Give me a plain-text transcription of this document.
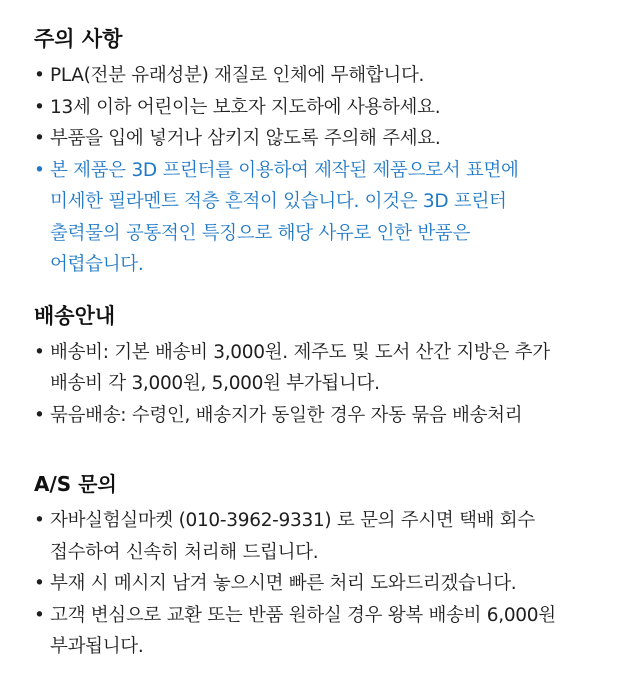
주의 사항
• PLA(전분 유래성분) 재질로 인체에 무해합니다.
• 13세 이하 어린이는 보호자 지도하에 사용하세요.
• 부품을 입에 넣거나 삼키지 않도록 주의해 주세요.
• 본 제품은 3D 프린터를 이용하여 제작된 제품으로서 표면에
미세한 필라멘트 적층 흔적이 있습니다. 이것은 3D 프린터
출력물의 공통적인 특징으로 해당 사유로 인한 반품은
어렵습니다.
배송안내
• 배송비: 기본 배송비 3,000원. 제주도 및 도서 산간 지방은 추가
배송비 각 3,000원, 5,000원 부가됩니다.
• 묶음배송: 수령인, 배송지가 동일한 경우 자동 묶음 배송처리
A/S 문의
• 자바실험실마켓 (010-3962-9331) 로 문의 주시면 택배 회수
접수하여 신속히 처리해 드립니다.
• 부재 시 메시지 남겨 놓으시면 빠른 처리 도와드리겠습니다.
• 고객 변심으로 교환 또는 반품 원하실 경우 왕복 배송비 6,000원
부과됩니다.
